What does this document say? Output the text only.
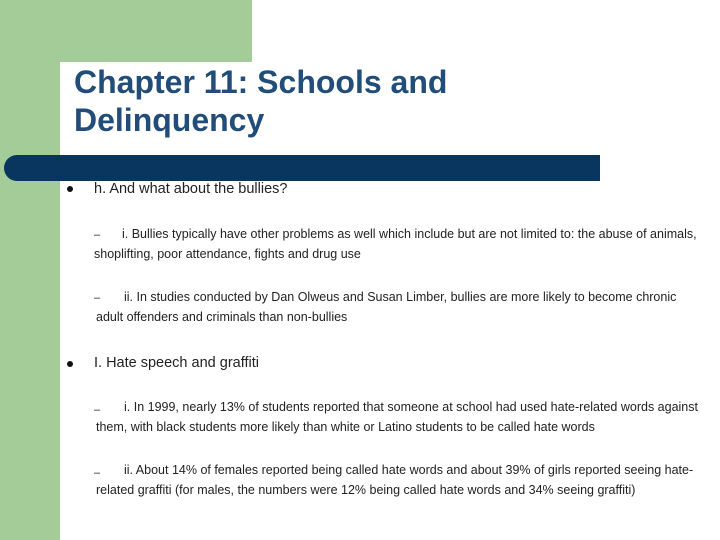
Chapter 11: Schools and Delinquency

h. And what about the bullies?

–	i. Bullies typically have other problems as well which include but are not limited to: the abuse of animals, shoplifting, poor attendance, fights and drug use

–	ii. In studies conducted by Dan Olweus and Susan Limber, bullies are more likely to become chronic adult offenders and criminals than non-bullies

I. Hate speech and graffiti

–	i. In 1999, nearly 13% of students reported that someone at school had used hate-related words against them, with black students more likely than white or Latino students to be called hate words

–	ii. About 14% of females reported being called hate words and about 39% of girls reported seeing hate-related graffiti (for males, the numbers were 12% being called hate words and 34% seeing graffiti)
